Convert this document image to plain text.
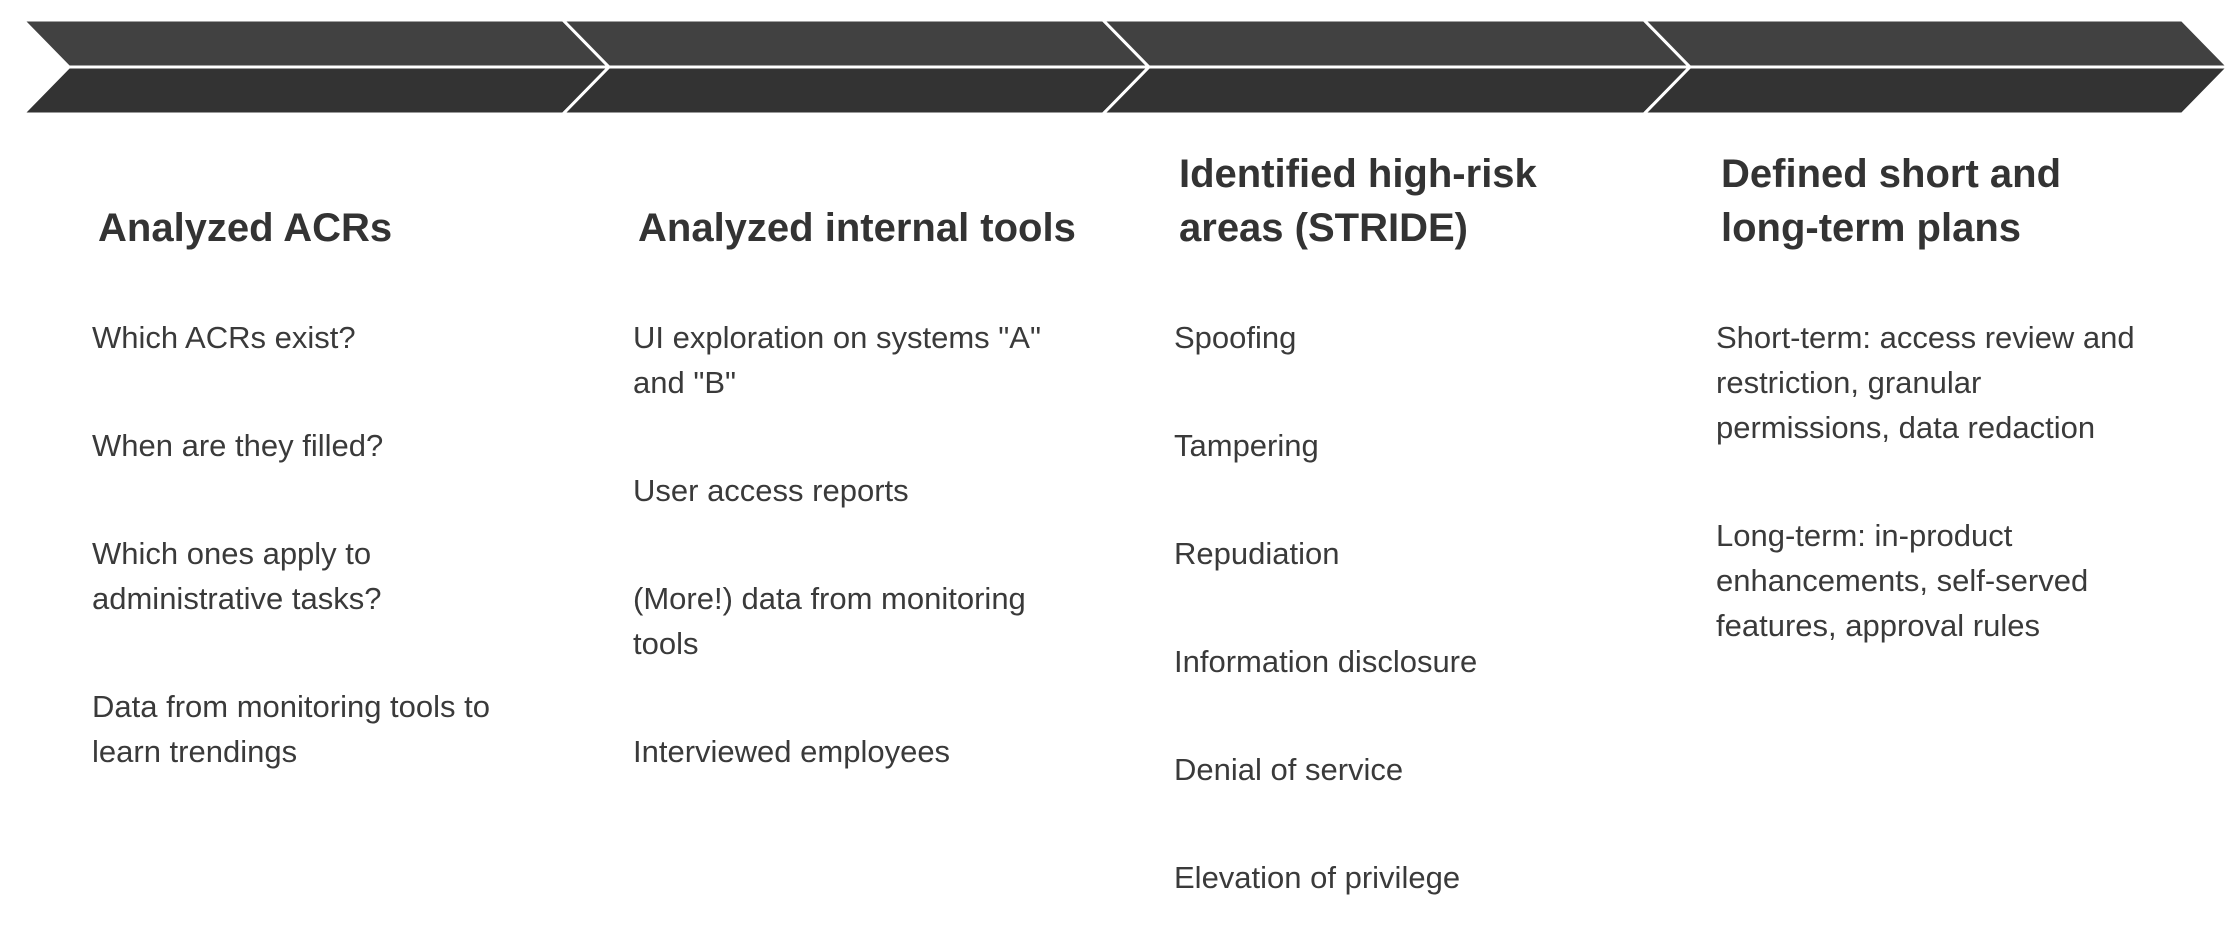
Analyzed ACRs
Which ACRs exist?
When are they filled?
Which ones apply to
administrative tasks?
Data from monitoring tools to
learn trendings
Analyzed internal tools
UI exploration on systems "A"
and "B"
User access reports
(More!) data from monitoring
tools
Interviewed employees
Identified high-risk
areas (STRIDE)
Spoofing
Tampering
Repudiation
Information disclosure
Denial of service
Elevation of privilege
Defined short and
long-term plans
Short-term: access review and
restriction, granular
permissions, data redaction
Long-term: in-product
enhancements, self-served
features, approval rules
